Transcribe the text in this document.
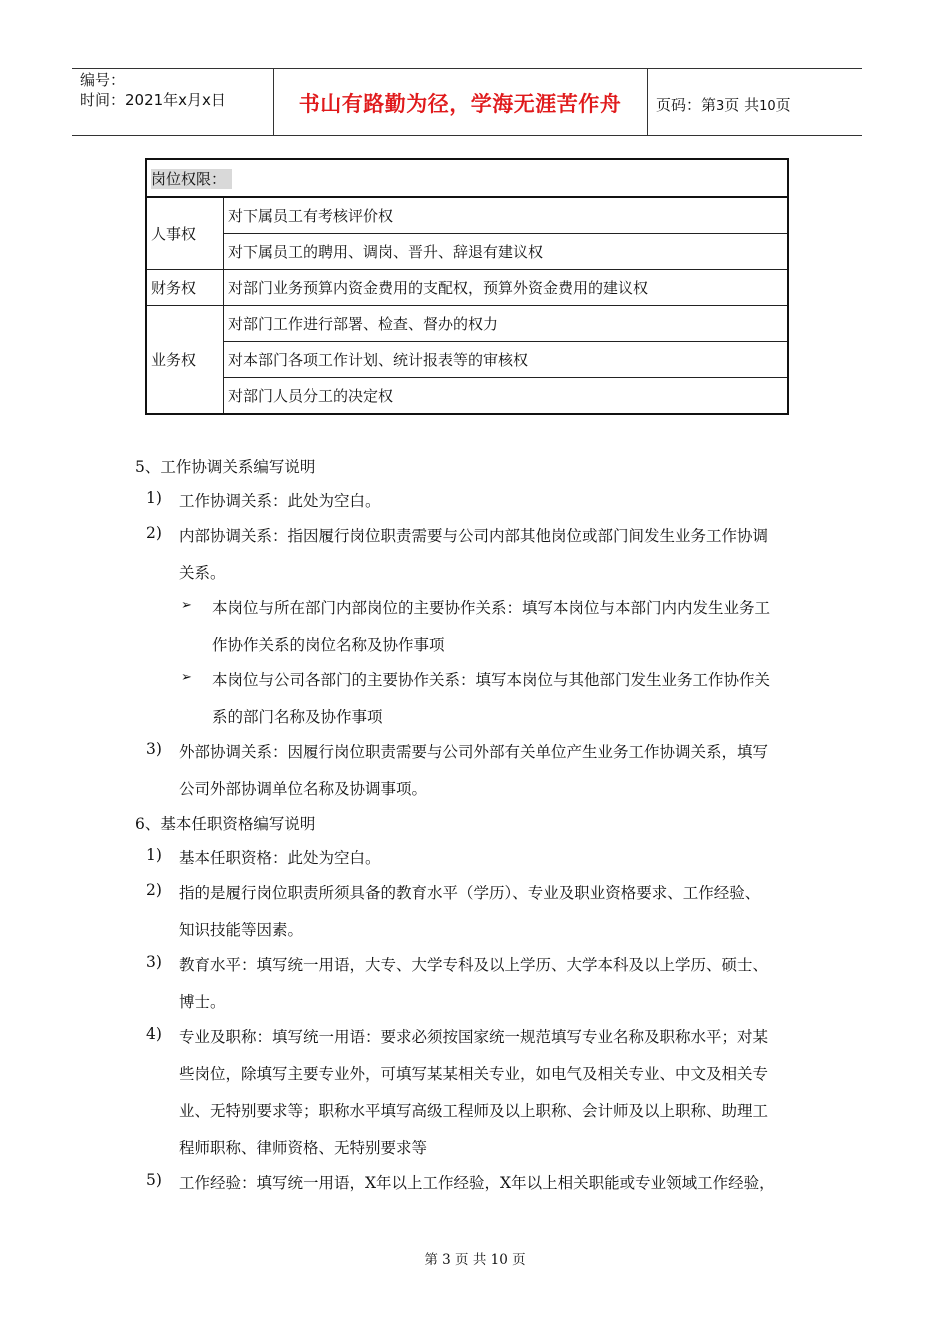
编号：
时间：2021年x月x日	书山有路勤为径，学海无涯苦作舟	页码：第3页 共10页
岗位权限：	
人事权	对下属员工有考核评价权
	对下属员工的聘用、调岗、晋升、辞退有建议权
财务权	对部门业务预算内资金费用的支配权，预算外资金费用的建议权
业务权	对部门工作进行部署、检查、督办的权力
	对本部门各项工作计划、统计报表等的审核权
	对部门人员分工的决定权
5、工作协调关系编写说明
1) 工作协调关系：此处为空白。
2) 内部协调关系：指因履行岗位职责需要与公司内部其他岗位或部门间发生业务工作协调
关系。
➢ 本岗位与所在部门内部岗位的主要协作关系：填写本岗位与本部门内内发生业务工
作协作关系的岗位名称及协作事项
➢ 本岗位与公司各部门的主要协作关系：填写本岗位与其他部门发生业务工作协作关
系的部门名称及协作事项
3) 外部协调关系：因履行岗位职责需要与公司外部有关单位产生业务工作协调关系，填写
公司外部协调单位名称及协调事项。
6、基本任职资格编写说明
1) 基本任职资格：此处为空白。
2) 指的是履行岗位职责所须具备的教育水平（学历）、专业及职业资格要求、工作经验、
知识技能等因素。
3) 教育水平：填写统一用语，大专、大学专科及以上学历、大学本科及以上学历、硕士、
博士。
4) 专业及职称：填写统一用语：要求必须按国家统一规范填写专业名称及职称水平；对某
些岗位，除填写主要专业外，可填写某某相关专业，如电气及相关专业、中文及相关专
业、无特别要求等；职称水平填写高级工程师及以上职称、会计师及以上职称、助理工
程师职称、律师资格、无特别要求等
5) 工作经验：填写统一用语，X年以上工作经验，X年以上相关职能或专业领域工作经验，
第 3 页 共 10 页
